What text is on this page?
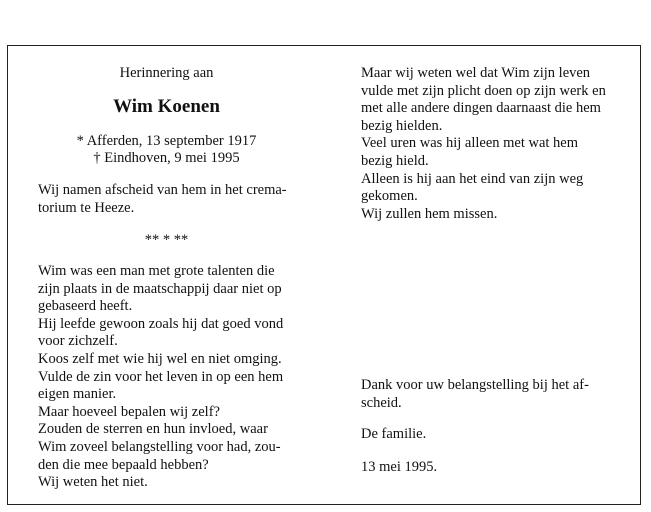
Herinnering aan

Wim Koenen

* Afferden, 13 september 1917

† Eindhoven, 9 mei 1995

Wij namen afscheid van hem in het crema-
torium te Heeze.

** * **

Wim was een man met grote talenten die
zijn plaats in de maatschappij daar niet op
gebaseerd heeft.
Hij leefde gewoon zoals hij dat goed vond
voor zichzelf.
Koos zelf met wie hij wel en niet omging.
Vulde de zin voor het leven in op een hem
eigen manier.
Maar hoeveel bepalen wij zelf?
Zouden de sterren en hun invloed, waar
Wim zoveel belangstelling voor had, zou-
den die mee bepaald hebben?
Wij weten het niet.

Maar wij weten wel dat Wim zijn leven
vulde met zijn plicht doen op zijn werk en
met alle andere dingen daarnaast die hem
bezig hielden.
Veel uren was hij alleen met wat hem
bezig hield.
Alleen is hij aan het eind van zijn weg
gekomen.
Wij zullen hem missen.

Dank voor uw belangstelling bij het af-
scheid.

De familie.

13 mei 1995.
